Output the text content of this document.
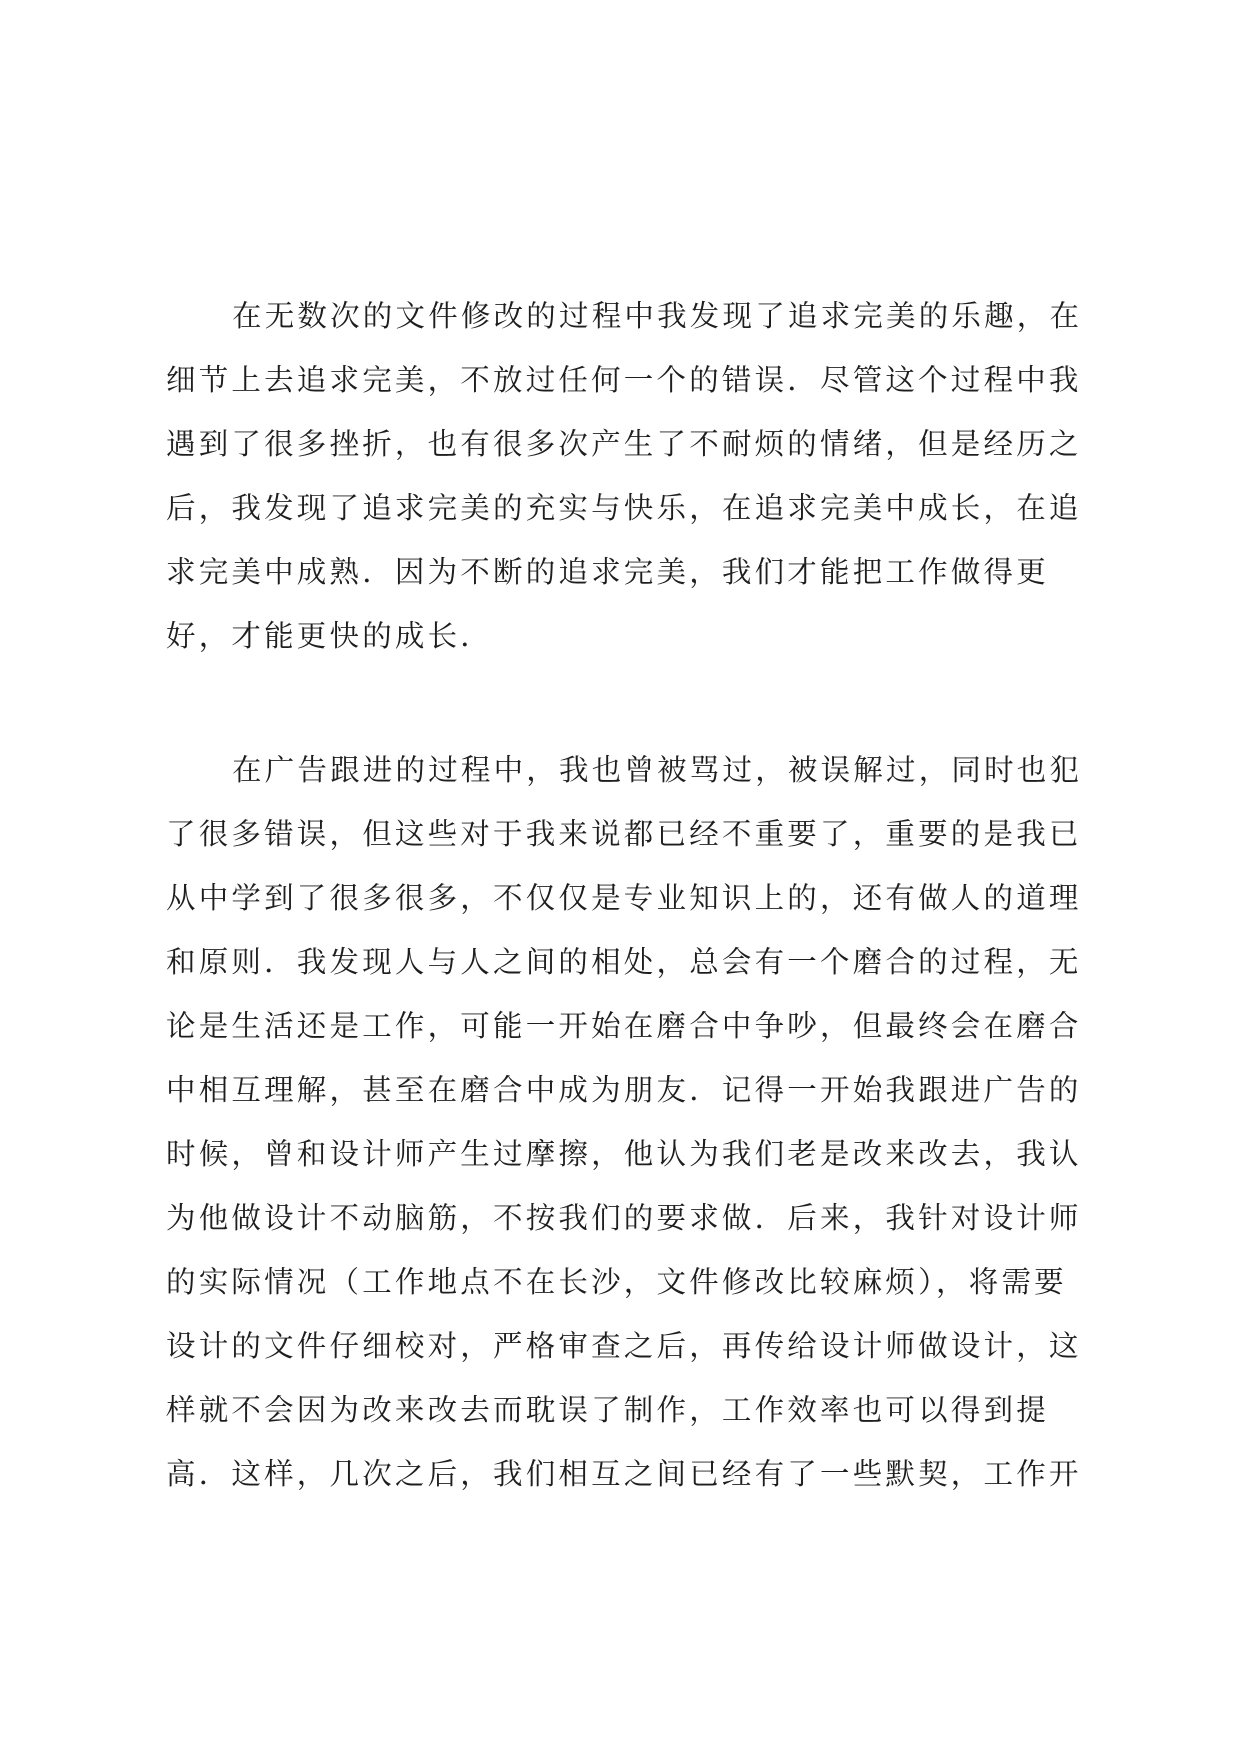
在无数次的文件修改的过程中我发现了追求完美的乐趣，在
细节上去追求完美，不放过任何一个的错误．尽管这个过程中我
遇到了很多挫折，也有很多次产生了不耐烦的情绪，但是经历之
后，我发现了追求完美的充实与快乐，在追求完美中成长，在追
求完美中成熟．因为不断的追求完美，我们才能把工作做得更
好，才能更快的成长．
在广告跟进的过程中，我也曾被骂过，被误解过，同时也犯
了很多错误，但这些对于我来说都已经不重要了，重要的是我已
从中学到了很多很多，不仅仅是专业知识上的，还有做人的道理
和原则．我发现人与人之间的相处，总会有一个磨合的过程，无
论是生活还是工作，可能一开始在磨合中争吵，但最终会在磨合
中相互理解，甚至在磨合中成为朋友．记得一开始我跟进广告的
时候，曾和设计师产生过摩擦，他认为我们老是改来改去，我认
为他做设计不动脑筋，不按我们的要求做．后来，我针对设计师
的实际情况（工作地点不在长沙，文件修改比较麻烦），将需要
设计的文件仔细校对，严格审查之后，再传给设计师做设计，这
样就不会因为改来改去而耽误了制作，工作效率也可以得到提
高．这样，几次之后，我们相互之间已经有了一些默契，工作开
